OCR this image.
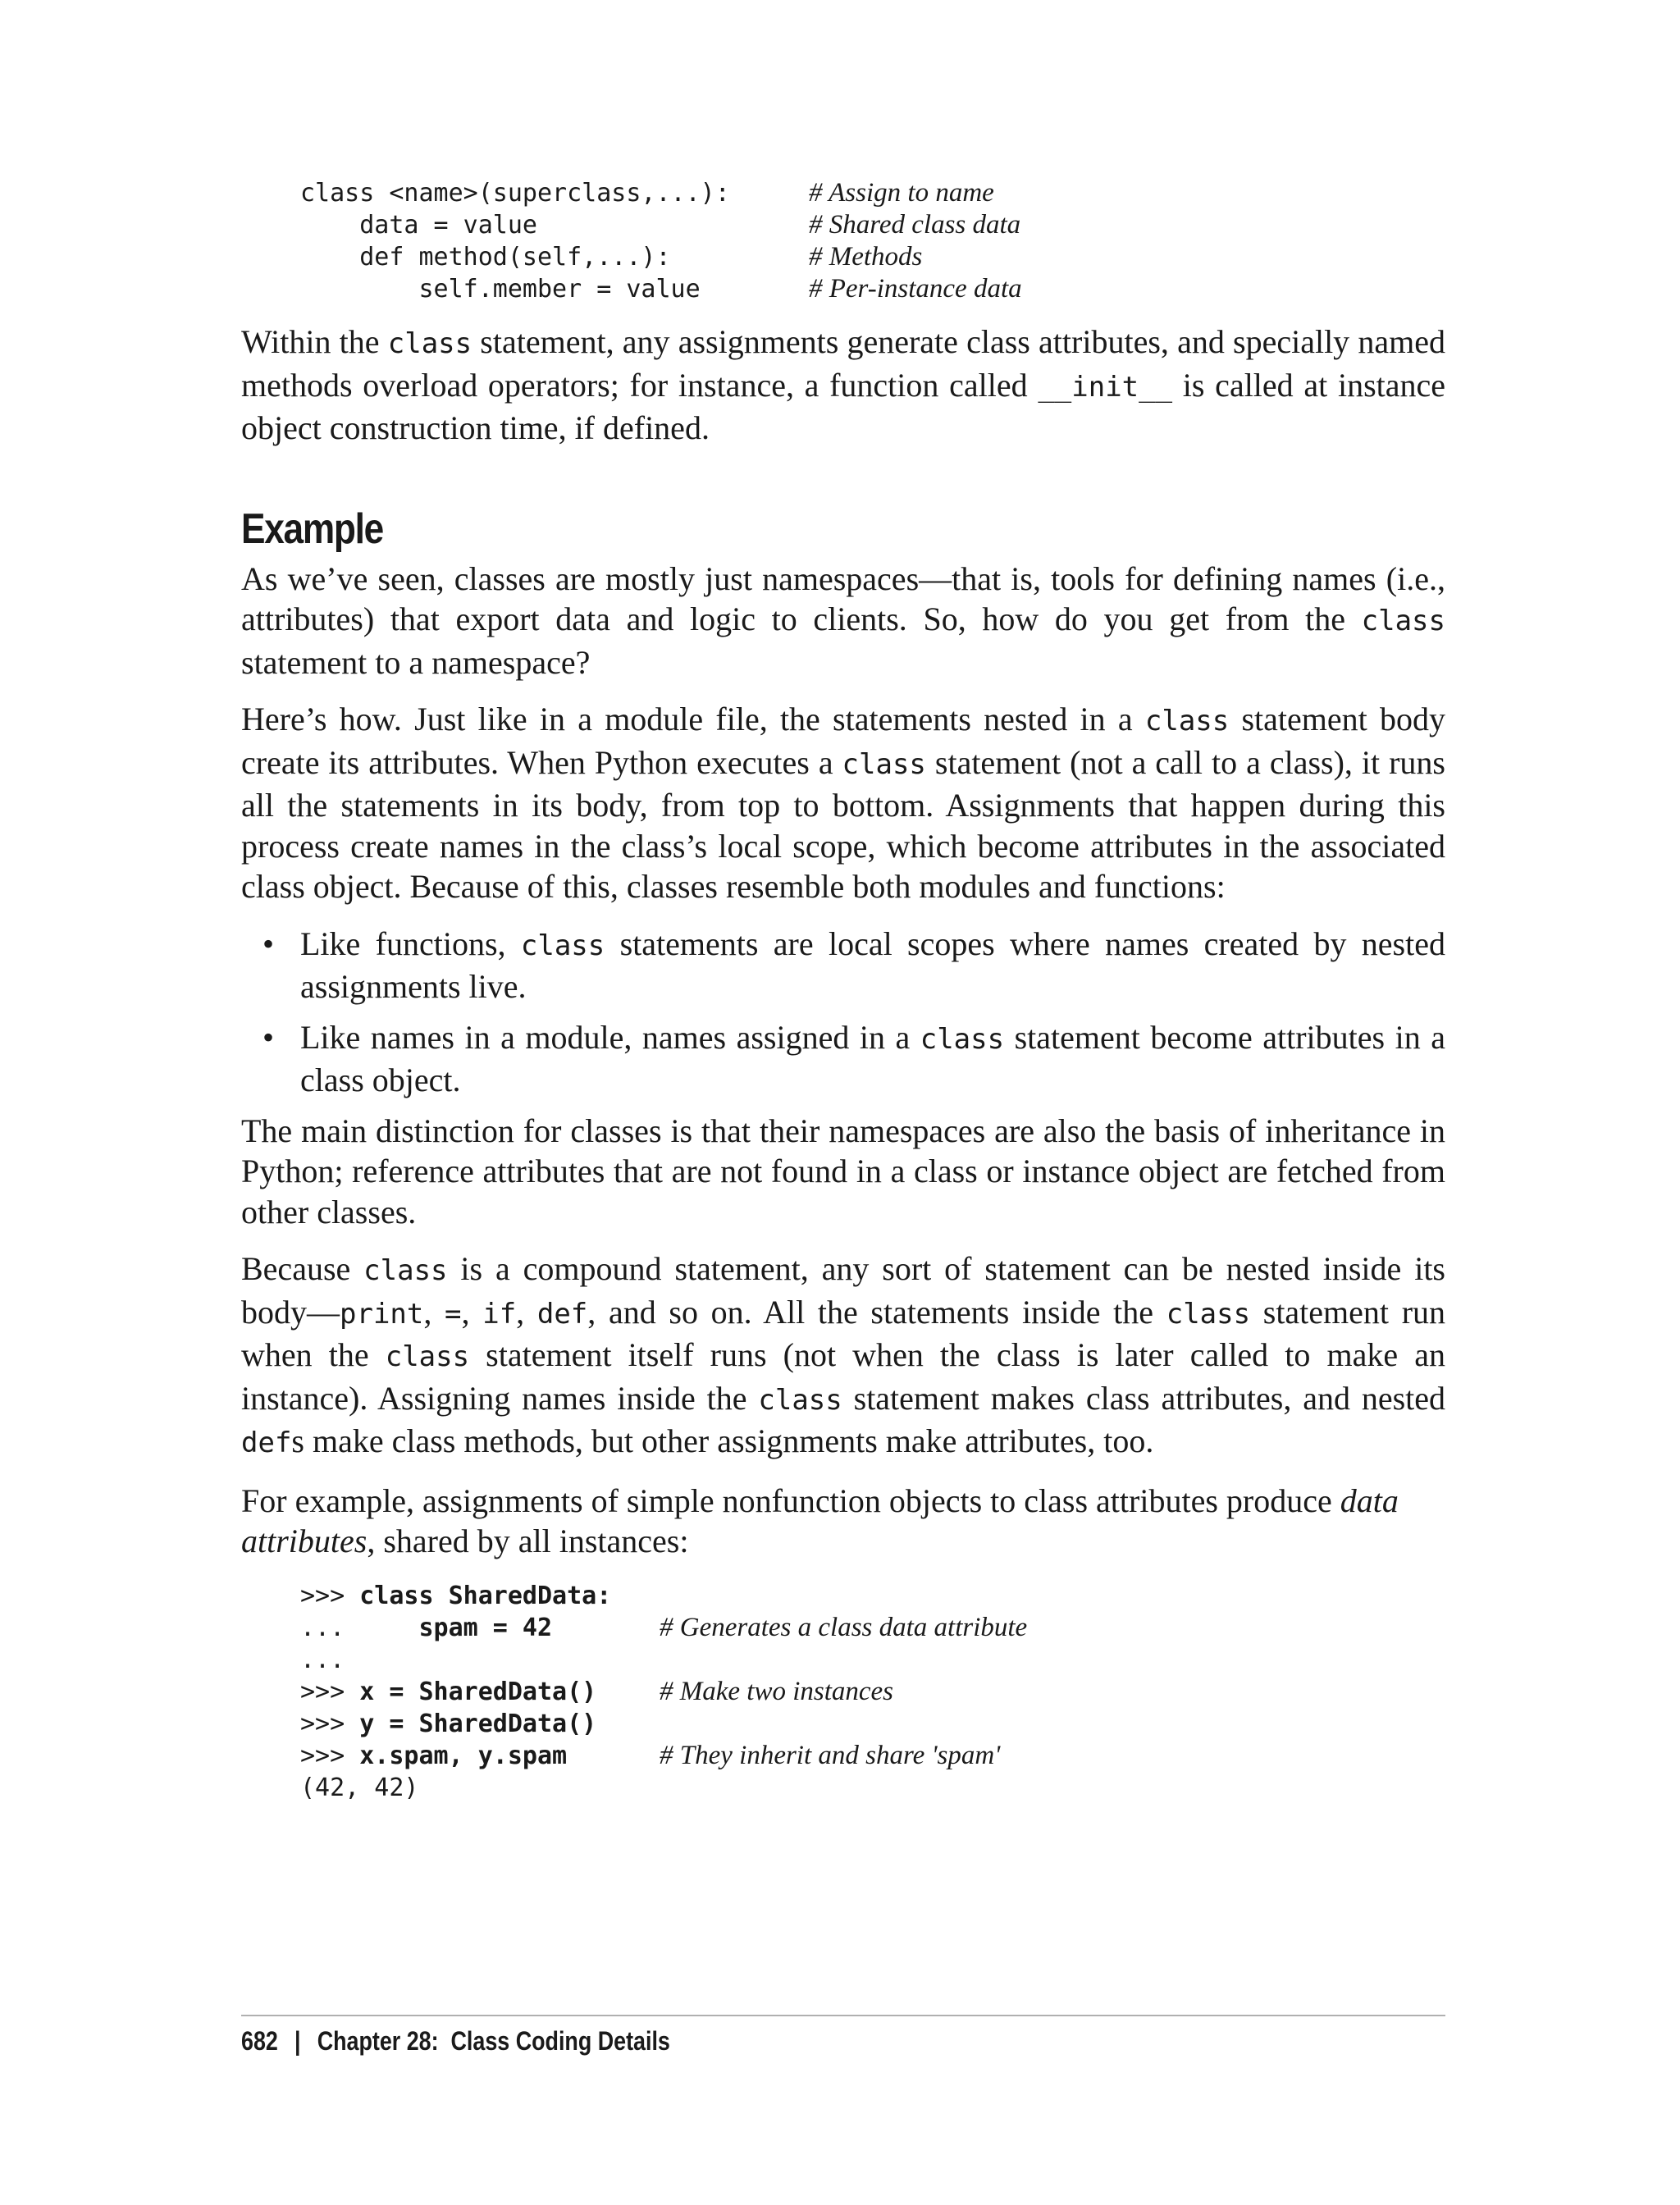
class <name>(superclass,...):	# Assign to name
data = value	# Shared class data
def method(self,...):	# Methods
self.member = value	# Per-instance data

Within the class statement, any assignments generate class attributes, and specially named methods overload operators; for instance, a function called __init__ is called at instance object construction time, if defined.

Example

As we’ve seen, classes are mostly just namespaces—that is, tools for defining names (i.e., attributes) that export data and logic to clients. So, how do you get from the class statement to a namespace?

Here’s how. Just like in a module file, the statements nested in a class statement body create its attributes. When Python executes a class statement (not a call to a class), it runs all the statements in its body, from top to bottom. Assignments that happen during this process create names in the class’s local scope, which become attributes in the associated class object. Because of this, classes resemble both modules and functions:

• Like functions, class statements are local scopes where names created by nested assignments live.
• Like names in a module, names assigned in a class statement become attributes in a class object.

The main distinction for classes is that their namespaces are also the basis of inheritance in Python; reference attributes that are not found in a class or instance object are fetched from other classes.

Because class is a compound statement, any sort of statement can be nested inside its body—print, =, if, def, and so on. All the statements inside the class statement run when the class statement itself runs (not when the class is later called to make an instance). Assigning names inside the class statement makes class attributes, and nested defs make class methods, but other assignments make attributes, too.

For example, assignments of simple nonfunction objects to class attributes produce data attributes, shared by all instances:

>>> class SharedData:
...     spam = 42	# Generates a class data attribute
...
>>> x = SharedData()	# Make two instances
>>> y = SharedData()
>>> x.spam, y.spam	# They inherit and share 'spam'
(42, 42)
682 | Chapter 28:  Class Coding Details
